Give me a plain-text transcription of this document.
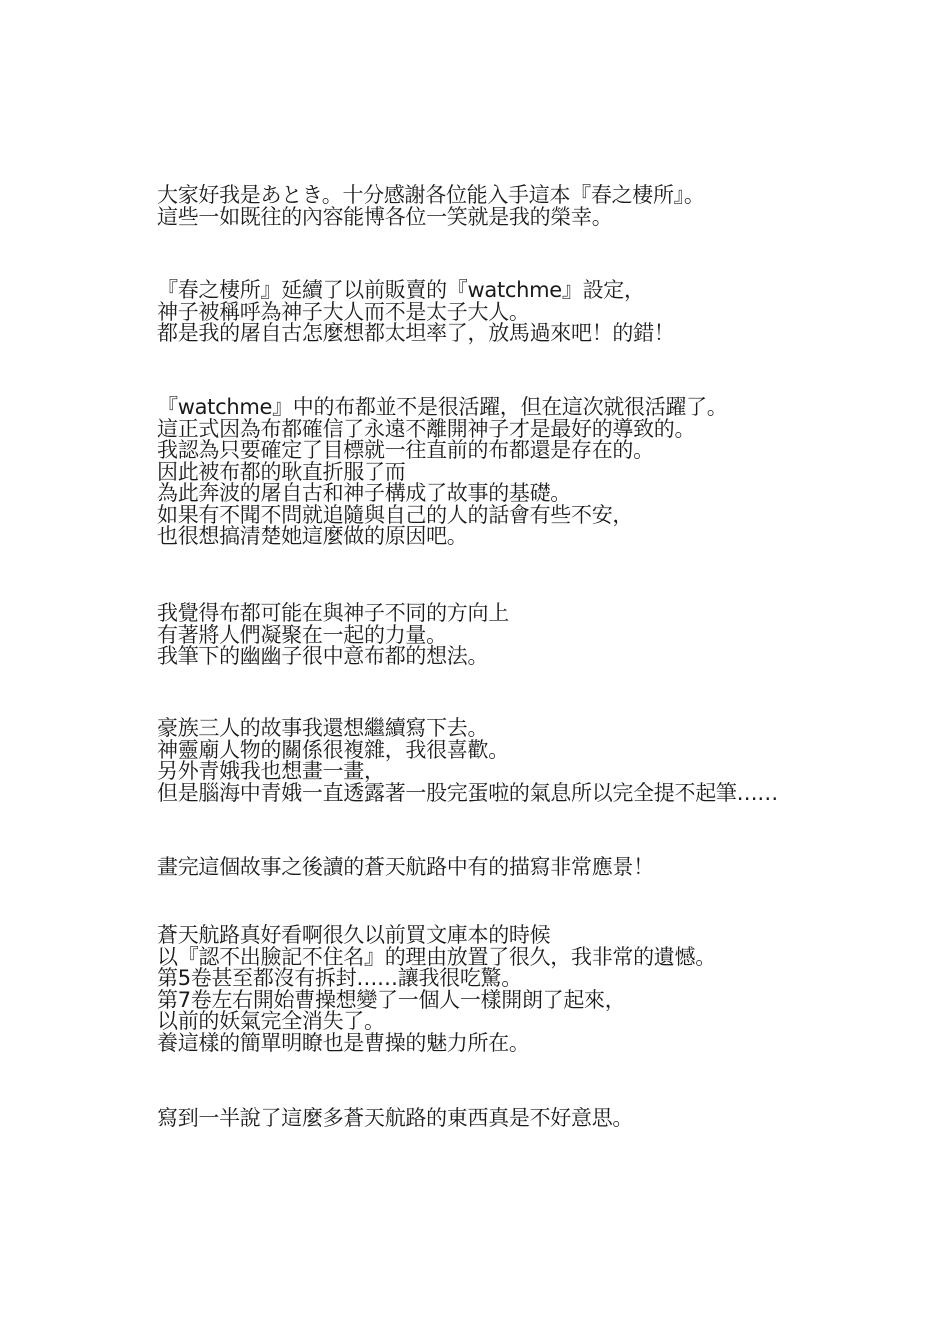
大家好我是あとき。十分感謝各位能入手這本『春之棲所』。
這些一如既往的內容能博各位一笑就是我的榮幸。
『春之棲所』延續了以前販賣的『watchme』設定，
神子被稱呼為神子大人而不是太子大人。
都是我的屠自古怎麼想都太坦率了，放馬過來吧！的錯！
『watchme』中的布都並不是很活躍，但在這次就很活躍了。
這正式因為布都確信了永遠不離開神子才是最好的導致的。
我認為只要確定了目標就一往直前的布都還是存在的。
因此被布都的耿直折服了而
為此奔波的屠自古和神子構成了故事的基礎。
如果有不聞不問就追隨與自己的人的話會有些不安，
也很想搞清楚她這麼做的原因吧。
我覺得布都可能在與神子不同的方向上
有著將人們凝聚在一起的力量。
我筆下的幽幽子很中意布都的想法。
豪族三人的故事我還想繼續寫下去。
神靈廟人物的關係很複雜，我很喜歡。
另外青娥我也想畫一畫，
但是腦海中青娥一直透露著一股完蛋啦的氣息所以完全提不起筆……
畫完這個故事之後讀的蒼天航路中有的描寫非常應景！
蒼天航路真好看啊很久以前買文庫本的時候
以『認不出臉記不住名』的理由放置了很久，我非常的遺憾。
第5卷甚至都沒有拆封……讓我很吃驚。
第7卷左右開始曹操想變了一個人一樣開朗了起來，
以前的妖氣完全消失了。
養這樣的簡單明瞭也是曹操的魅力所在。
寫到一半說了這麼多蒼天航路的東西真是不好意思。
